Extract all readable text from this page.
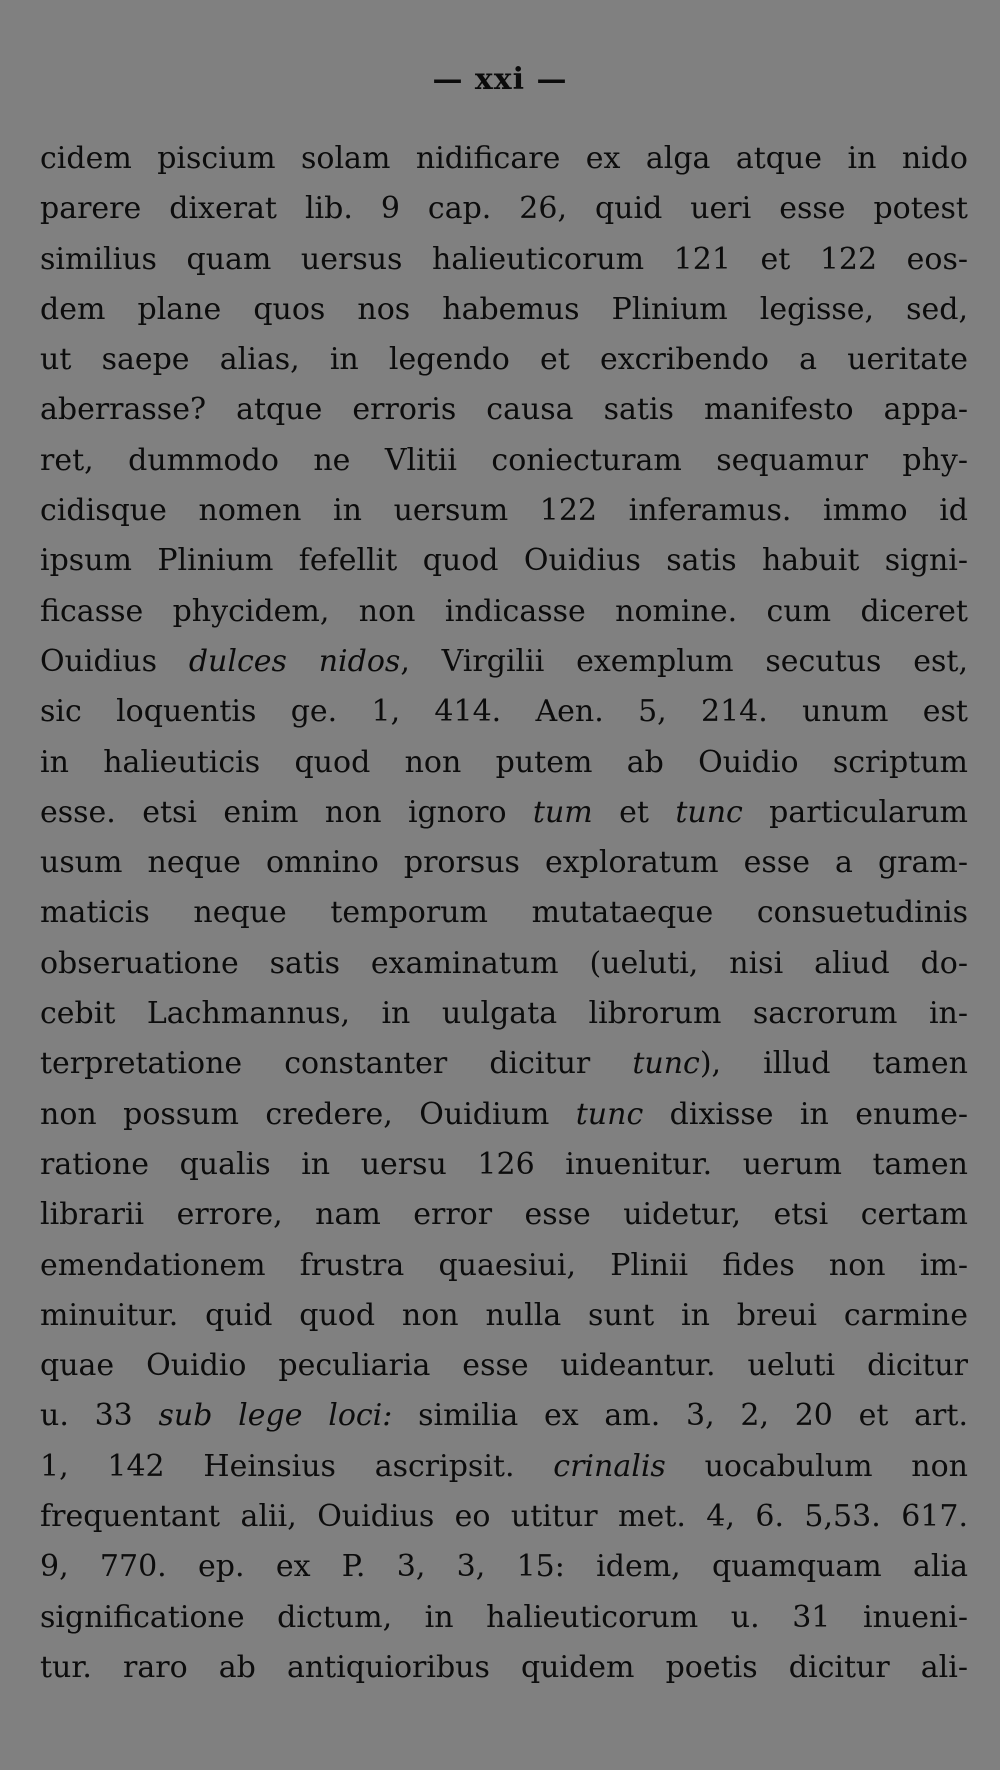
— xxi —
cidem piscium solam nidificare ex alga atque in nido
parere dixerat lib. 9 cap. 26, quid ueri esse potest
similius quam uersus halieuticorum 121 et 122 eos-
dem plane quos nos habemus Plinium legisse, sed,
ut saepe alias, in legendo et excribendo a ueritate
aberrasse? atque erroris causa satis manifesto appa-
ret, dummodo ne Vlitii coniecturam sequamur phy-
cidisque nomen in uersum 122 inferamus. immo id
ipsum Plinium fefellit quod Ouidius satis habuit signi-
ficasse phycidem, non indicasse nomine. cum diceret
Ouidius dulces nidos, Virgilii exemplum secutus est,
sic loquentis ge. 1, 414. Aen. 5, 214. unum est
in halieuticis quod non putem ab Ouidio scriptum
esse. etsi enim non ignoro tum et tunc particularum
usum neque omnino prorsus exploratum esse a gram-
maticis neque temporum mutataeque consuetudinis
obseruatione satis examinatum (ueluti, nisi aliud do-
cebit Lachmannus, in uulgata librorum sacrorum in-
terpretatione constanter dicitur tunc), illud tamen
non possum credere, Ouidium tunc dixisse in enume-
ratione qualis in uersu 126 inuenitur. uerum tamen
librarii errore, nam error esse uidetur, etsi certam
emendationem frustra quaesiui, Plinii fides non im-
minuitur. quid quod non nulla sunt in breui carmine
quae Ouidio peculiaria esse uideantur. ueluti dicitur
u. 33 sub lege loci: similia ex am. 3, 2, 20 et art.
1, 142 Heinsius ascripsit. crinalis uocabulum non
frequentant alii, Ouidius eo utitur met. 4, 6. 5,53. 617.
9, 770. ep. ex P. 3, 3, 15: idem, quamquam alia
significatione dictum, in halieuticorum u. 31 inueni-
tur. raro ab antiquioribus quidem poetis dicitur ali-
